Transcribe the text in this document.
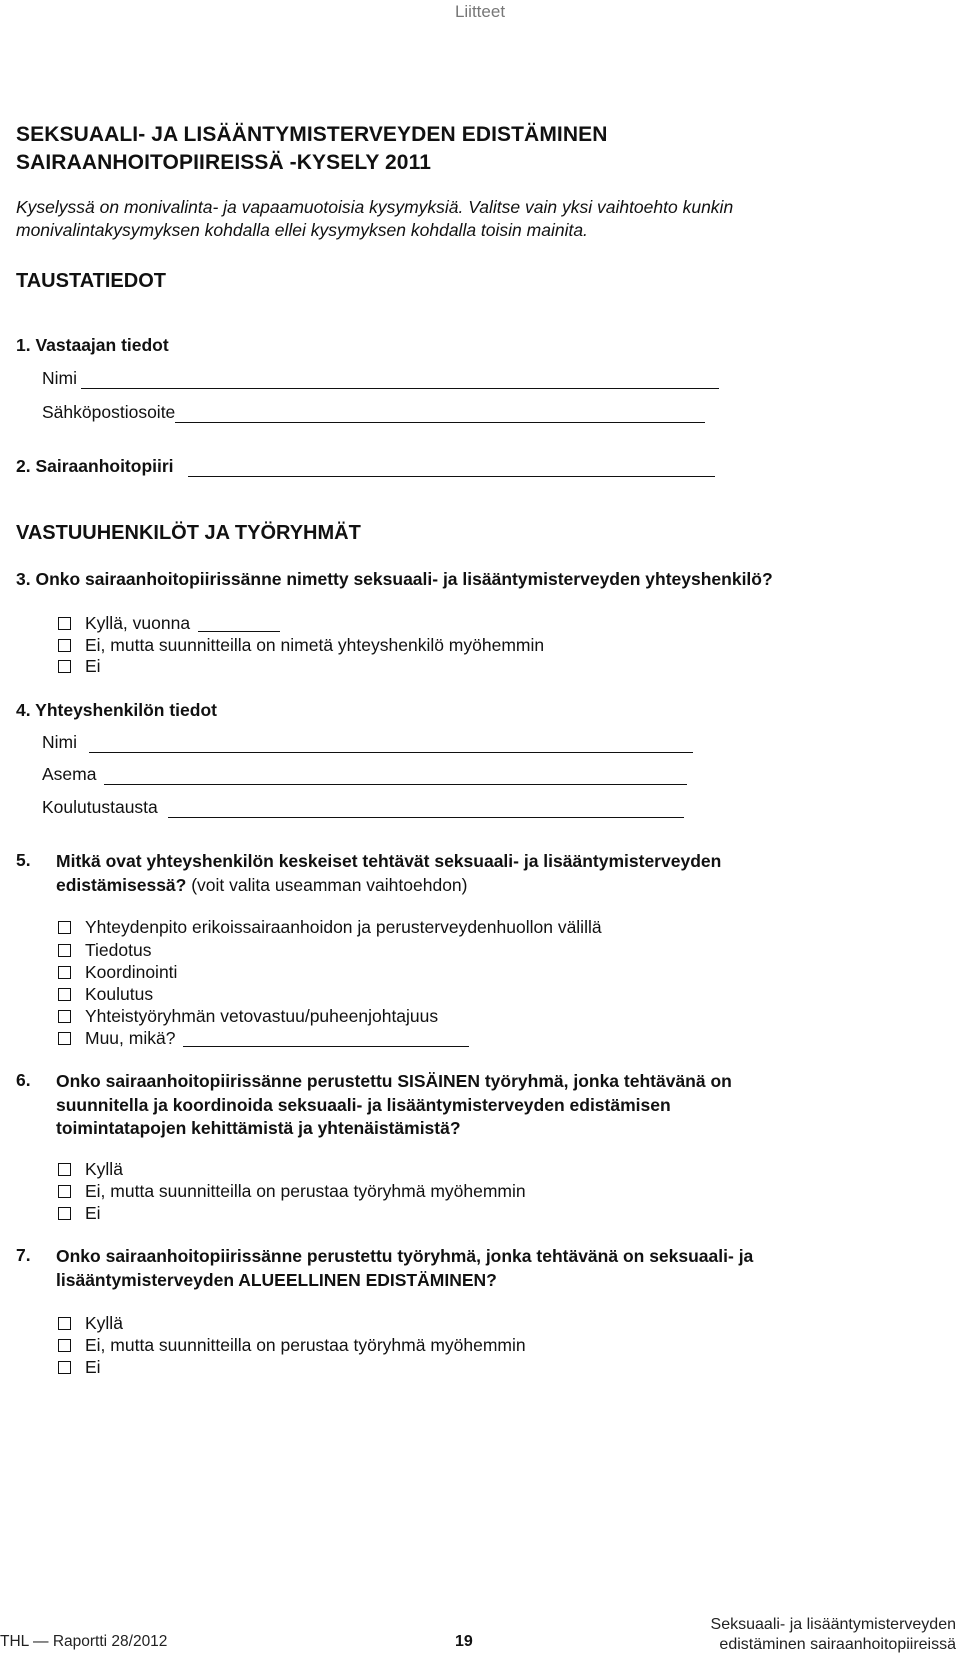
Liitteet
SEKSUAALI- JA LISÄÄNTYMISTERVEYDEN EDISTÄMINEN
SAIRAANHOITOPIIREISSÄ -KYSELY 2011
Kyselyssä on monivalinta- ja vapaamuotoisia kysymyksiä. Valitse vain yksi vaihtoehto kunkin
monivalintakysymyksen kohdalla ellei kysymyksen kohdalla toisin mainita.
TAUSTATIEDOT
1. Vastaajan tiedot
Nimi
Sähköpostiosoite
2. Sairaanhoitopiiri
VASTUUHENKILÖT JA TYÖRYHMÄT
3. Onko sairaanhoitopiirissänne nimetty seksuaali- ja lisääntymisterveyden yhteyshenkilö?
Kyllä, vuonna
Ei, mutta suunnitteilla on nimetä yhteyshenkilö myöhemmin
Ei
4. Yhteyshenkilön tiedot
Nimi
Asema
Koulutustausta
5. Mitkä ovat yhteyshenkilön keskeiset tehtävät seksuaali- ja lisääntymisterveyden
edistämisessä? (voit valita useamman vaihtoehdon)
Yhteydenpito erikoissairaanhoidon ja perusterveydenhuollon välillä
Tiedotus
Koordinointi
Koulutus
Yhteistyöryhmän vetovastuu/puheenjohtajuus
Muu, mikä?
6. Onko sairaanhoitopiirissänne perustettu SISÄINEN työryhmä, jonka tehtävänä on
suunnitella ja koordinoida seksuaali- ja lisääntymisterveyden edistämisen
toimintatapojen kehittämistä ja yhtenäistämistä?
Kyllä
Ei, mutta suunnitteilla on perustaa työryhmä myöhemmin
Ei
7. Onko sairaanhoitopiirissänne perustettu työryhmä, jonka tehtävänä on seksuaali- ja
lisääntymisterveyden ALUEELLINEN EDISTÄMINEN?
Kyllä
Ei, mutta suunnitteilla on perustaa työryhmä myöhemmin
Ei
THL — Raportti 28/2012	19
Seksuaali- ja lisääntymisterveyden
edistäminen sairaanhoitopiireissä
